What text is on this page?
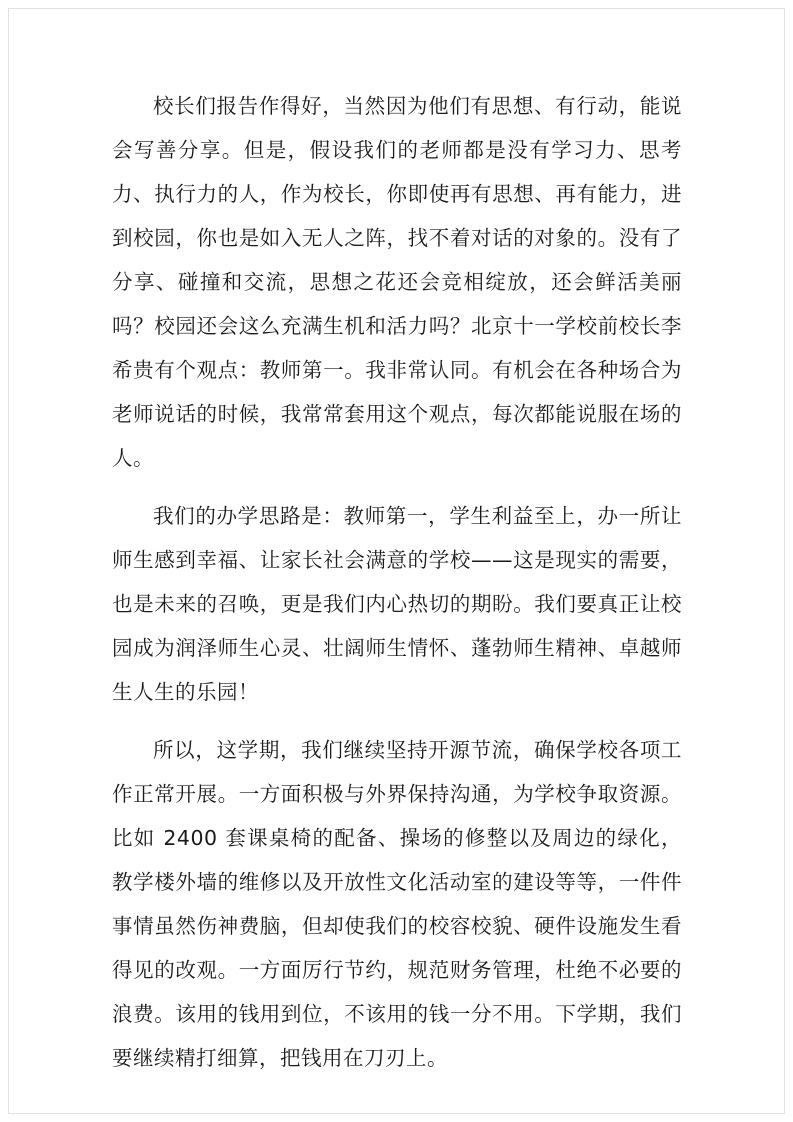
校长们报告作得好，当然因为他们有思想、有行动，能说会写善分享。但是，假设我们的老师都是没有学习力、思考力、执行力的人，作为校长，你即使再有思想、再有能力，进到校园，你也是如入无人之阵，找不着对话的对象的。没有了分享、碰撞和交流，思想之花还会竞相绽放，还会鲜活美丽吗？校园还会这么充满生机和活力吗？北京十一学校前校长李希贵有个观点：教师第一。我非常认同。有机会在各种场合为老师说话的时候，我常常套用这个观点，每次都能说服在场的人。

我们的办学思路是：教师第一，学生利益至上，办一所让师生感到幸福、让家长社会满意的学校——这是现实的需要，也是未来的召唤，更是我们内心热切的期盼。我们要真正让校园成为润泽师生心灵、壮阔师生情怀、蓬勃师生精神、卓越师生人生的乐园！

所以，这学期，我们继续坚持开源节流，确保学校各项工作正常开展。一方面积极与外界保持沟通，为学校争取资源。比如 2400 套课桌椅的配备、操场的修整以及周边的绿化，教学楼外墙的维修以及开放性文化活动室的建设等等，一件件事情虽然伤神费脑，但却使我们的校容校貌、硬件设施发生看得见的改观。一方面厉行节约，规范财务管理，杜绝不必要的浪费。该用的钱用到位，不该用的钱一分不用。下学期，我们要继续精打细算，把钱用在刀刃上。
